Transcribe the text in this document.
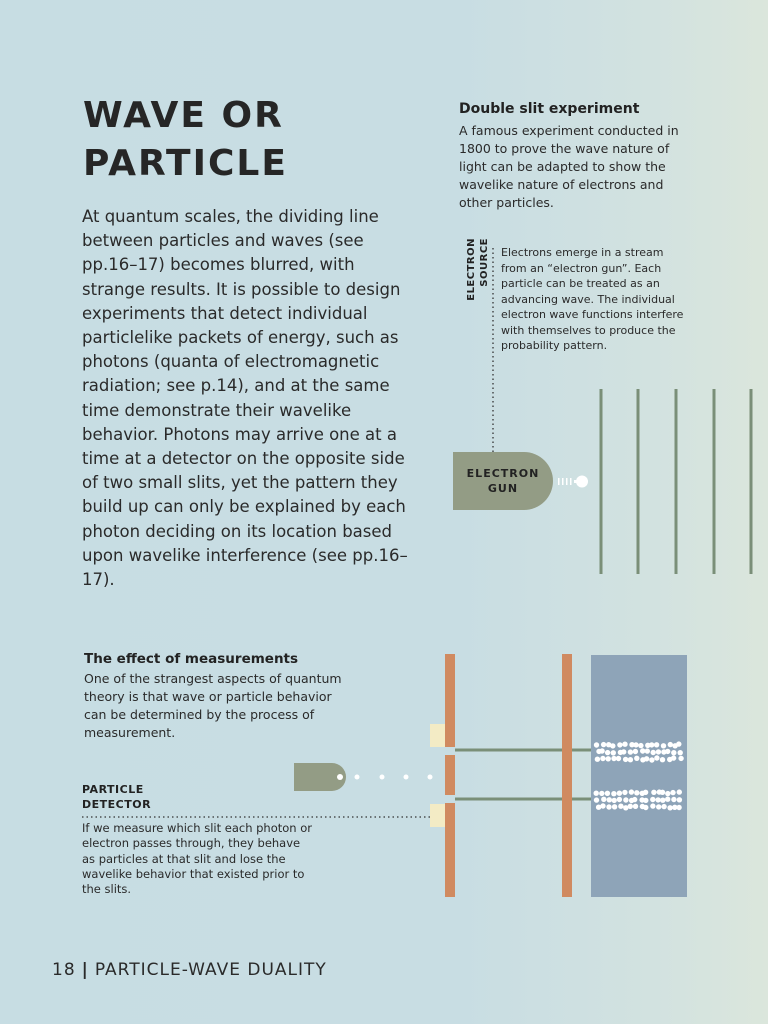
WAVE OR
PARTICLE

At quantum scales, the dividing line between particles and waves (see pp.16–17) becomes blurred, with strange results. It is possible to design experiments that detect individual particlelike packets of energy, such as photons (quanta of electromagnetic radiation; see p.14), and at the same time demonstrate their wavelike behavior. Photons may arrive one at a time at a detector on the opposite side of two small slits, yet the pattern they build up can only be explained by each photon deciding on its location based upon wavelike interference (see pp.16–17).

Double slit experiment

A famous experiment conducted in 1800 to prove the wave nature of light can be adapted to show the wavelike nature of electrons and other particles.

ELECTRON SOURCE Electrons emerge in a stream from an “electron gun”. Each particle can be treated as an advancing wave. The individual electron wave functions interfere with themselves to produce the probability pattern.

ELECTRON GUN
The effect of measurements

One of the strangest aspects of quantum theory is that wave or particle behavior can be determined by the process of measurement.

PARTICLE DETECTOR

If we measure which slit each photon or electron passes through, they behave as particles at that slit and lose the wavelike behavior that existed prior to the slits.

18 | PARTICLE-WAVE DUALITY
